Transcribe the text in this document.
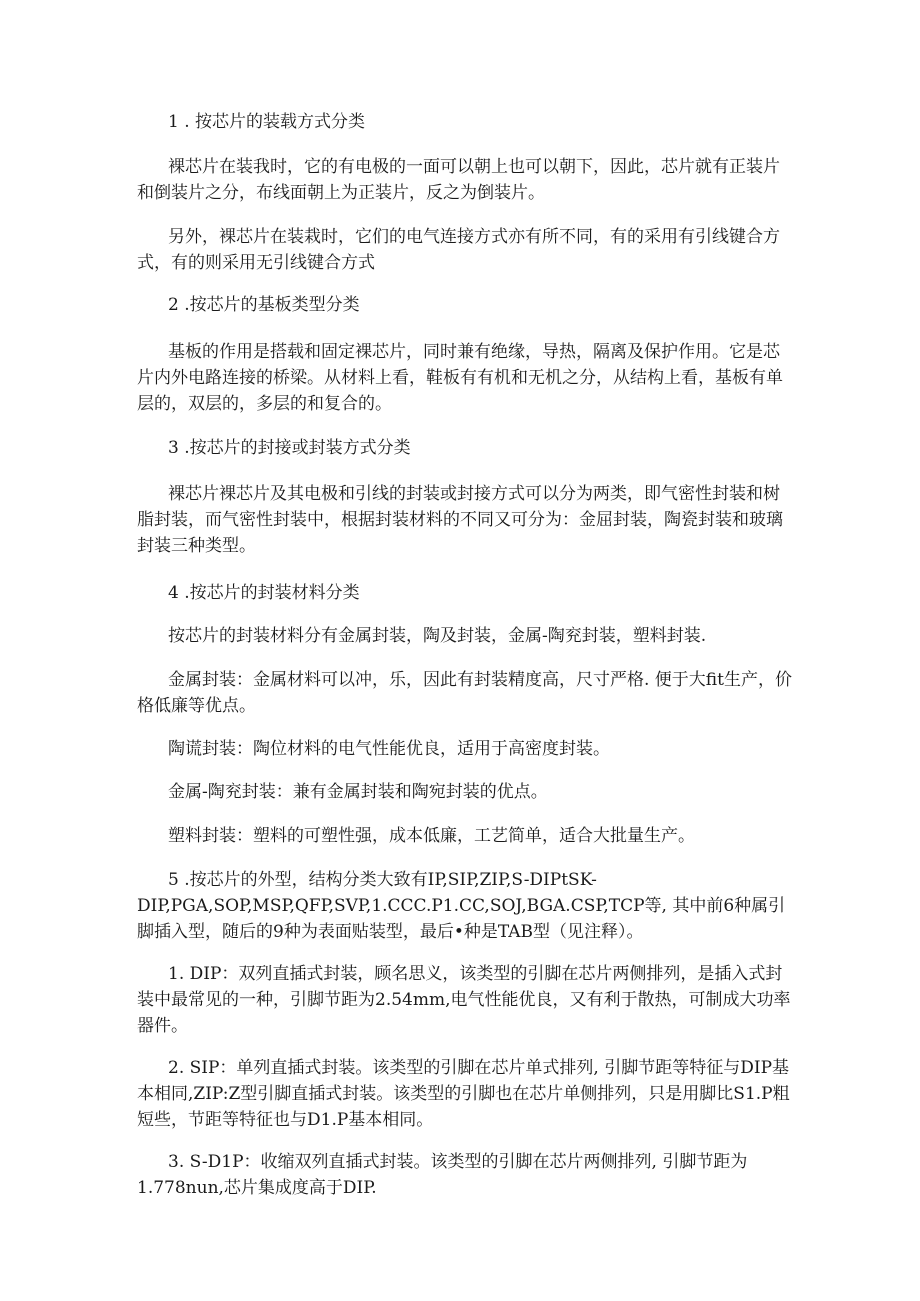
1 . 按芯片的装载方式分类

裸芯片在装我时，它的有电极的一面可以朝上也可以朝下，因此，芯片就有正装片和倒装片之分，布线面朝上为正装片，反之为倒装片。

另外，裸芯片在装栽时，它们的电气连接方式亦有所不同，有的采用有引线键合方式，有的则采用无引线键合方式

2 .按芯片的基板类型分类

基板的作用是搭载和固定裸芯片，同时兼有绝缘，导热，隔离及保护作用。它是芯片内外电路连接的桥梁。从材料上看，鞋板有有机和无机之分，从结构上看，基板有单层的，双层的，多层的和复合的。

3 .按芯片的封接或封装方式分类

裸芯片裸芯片及其电极和引线的封装或封接方式可以分为两类，即气密性封装和树脂封装，而气密性封装中，根据封装材料的不同又可分为：金屈封装，陶瓷封装和玻璃封装三种类型。

4 .按芯片的封装材料分类

按芯片的封装材料分有金属封装，陶及封装，金属-陶兖封装，塑料封装.

金属封装：金属材料可以冲，乐，因此有封装精度高，尺寸严格. 便于大fit生产，价格低廉等优点。

陶谎封装：陶位材料的电气性能优良，适用于高密度封装。

金属-陶兖封装：兼有金属封装和陶宛封装的优点。

塑料封装：塑料的可塑性强，成本低廉，工艺简单，适合大批量生产。

5 .按芯片的外型，结构分类大致有IP,SIP,ZIP,S-DIPtSK-DIP,PGA,SOP,MSP,QFP,SVP,1.CCC.P1.CC,SOJ,BGA.CSP,TCP等, 其中前6种属引脚插入型，随后的9种为表面贴装型，最后•种是TAB型（见注释）。

1. DIP：双列直插式封装，顾名思义，该类型的引脚在芯片两侧排列，是插入式封装中最常见的一种，引脚节距为2.54mm,电气性能优良，又有利于散热，可制成大功率器件。

2. SIP：单列直插式封装。该类型的引脚在芯片单式排列, 引脚节距等特征与DIP基本相同,ZIP:Z型引脚直插式封装。该类型的引脚也在芯片单侧排列，只是用脚比S1.P粗短些，节距等特征也与D1.P基本相同。

3. S-D1P：收缩双列直插式封装。该类型的引脚在芯片两侧排列, 引脚节距为1.778nun,芯片集成度高于DIP.
